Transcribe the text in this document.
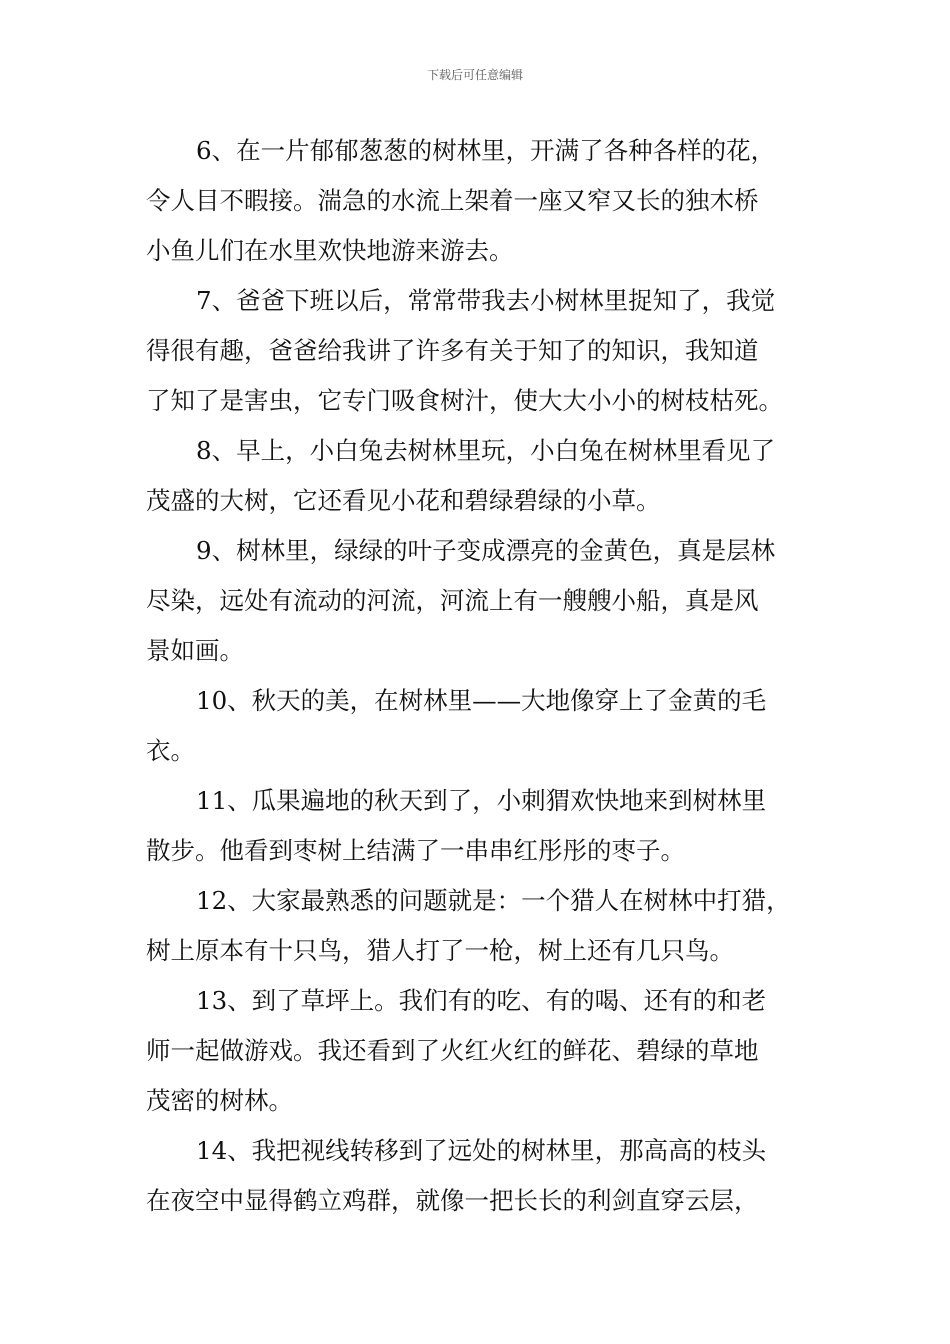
下载后可任意编辑

6、在一片郁郁葱葱的树林里，开满了各种各样的花，
令人目不暇接。湍急的水流上架着一座又窄又长的独木桥
小鱼儿们在水里欢快地游来游去。

7、爸爸下班以后，常常带我去小树林里捉知了，我觉
得很有趣，爸爸给我讲了许多有关于知了的知识，我知道
了知了是害虫，它专门吸食树汁，使大大小小的树枝枯死。

8、早上，小白兔去树林里玩，小白兔在树林里看见了
茂盛的大树，它还看见小花和碧绿碧绿的小草。

9、树林里，绿绿的叶子变成漂亮的金黄色，真是层林
尽染，远处有流动的河流，河流上有一艘艘小船，真是风
景如画。

10、秋天的美，在树林里——大地像穿上了金黄的毛
衣。

11、瓜果遍地的秋天到了，小刺猬欢快地来到树林里
散步。他看到枣树上结满了一串串红彤彤的枣子。

12、大家最熟悉的问题就是：一个猎人在树林中打猎，
树上原本有十只鸟，猎人打了一枪，树上还有几只鸟。

13、到了草坪上。我们有的吃、有的喝、还有的和老
师一起做游戏。我还看到了火红火红的鲜花、碧绿的草地
茂密的树林。

14、我把视线转移到了远处的树林里，那高高的枝头
在夜空中显得鹤立鸡群，就像一把长长的利剑直穿云层，
